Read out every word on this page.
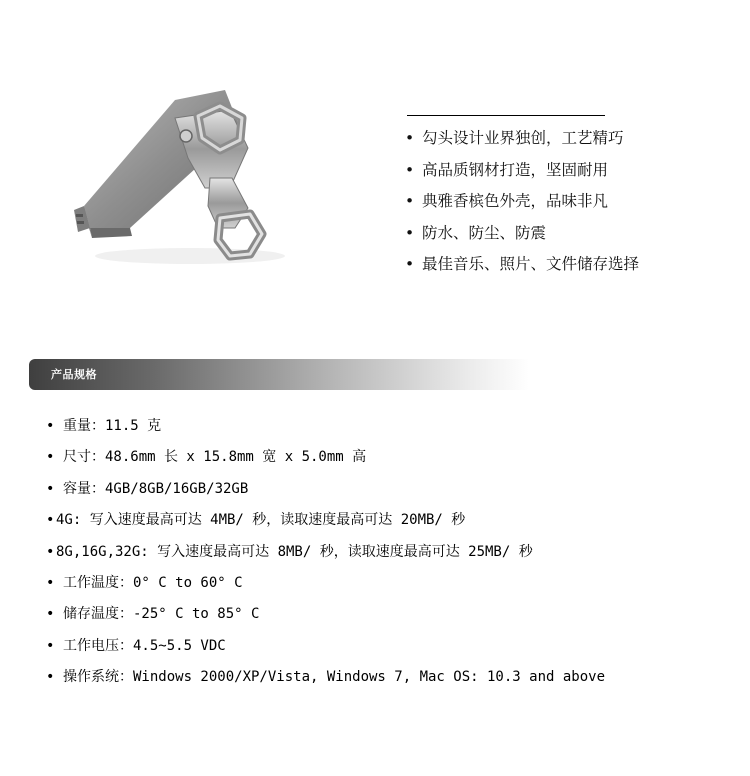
• 勾头设计业界独创，工艺精巧
• 高品质钢材打造，坚固耐用
• 典雅香槟色外壳，品味非凡
• 防水、防尘、防震
• 最佳音乐、照片、文件储存选择
产品规格
• 重量：11.5 克
• 尺寸：48.6mm 长 x 15.8mm 宽 x 5.0mm 高
• 容量：4GB/8GB/16GB/32GB
• 4G: 写入速度最高可达 4MB/ 秒，读取速度最高可达 20MB/ 秒
• 8G,16G,32G: 写入速度最高可达 8MB/ 秒，读取速度最高可达 25MB/ 秒
• 工作温度：0° C to 60° C
• 储存温度：-25° C to 85° C
• 工作电压：4.5~5.5 VDC
• 操作系统：Windows 2000/XP/Vista, Windows 7, Mac OS: 10.3 and above
